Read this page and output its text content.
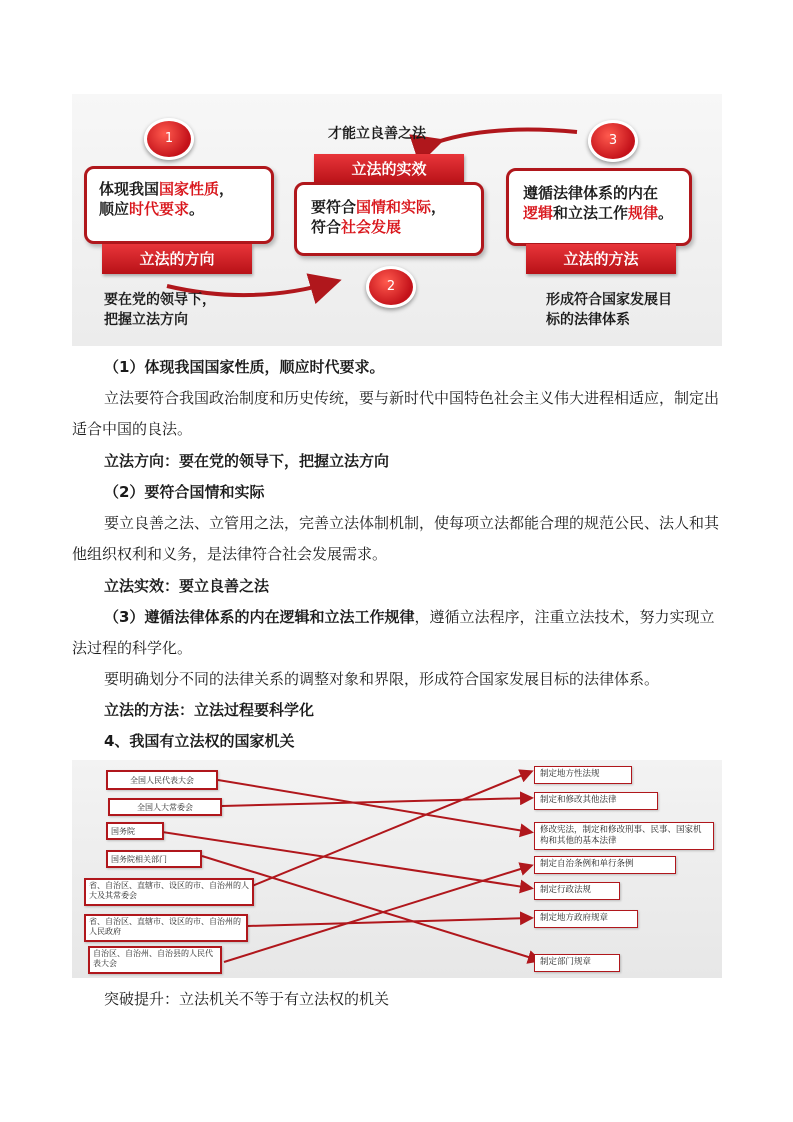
才能立良善之法
1	3
2
体现我国国家性质，
顺应时代要求。
立法的方向
立法的实效
要符合国情和实际，
符合社会发展
遵循法律体系的内在
逻辑和立法工作规律。
立法的方法
要在党的领导下，
把握立法方向
形成符合国家发展目
标的法律体系
（1）体现我国国家性质，顺应时代要求。
立法要符合我国政治制度和历史传统，要与新时代中国特色社会主义伟大进程相适应，制定出适合中国的良法。
立法方向：要在党的领导下，把握立法方向
（2）要符合国情和实际
要立良善之法、立管用之法，完善立法体制机制，使每项立法都能合理的规范公民、法人和其他组织权利和义务，是法律符合社会发展需求。
立法实效：要立良善之法
（3）遵循法律体系的内在逻辑和立法工作规律，遵循立法程序，注重立法技术，努力实现立法过程的科学化。
要明确划分不同的法律关系的调整对象和界限，形成符合国家发展目标的法律体系。
立法的方法：立法过程要科学化
4、我国有立法权的国家机关
全国人民代表大会
全国人大常委会
国务院
国务院相关部门
省、自治区、直辖市、设区的市、自治州的人大及其常委会
省、自治区、直辖市、设区的市、自治州的人民政府
自治区、自治州、自治县的人民代表大会
制定地方性法规
制定和修改其他法律
修改宪法，制定和修改刑事、民事、国家机构和其他的基本法律
制定自治条例和单行条例
制定行政法规
制定地方政府规章
制定部门规章
突破提升：立法机关不等于有立法权的机关
